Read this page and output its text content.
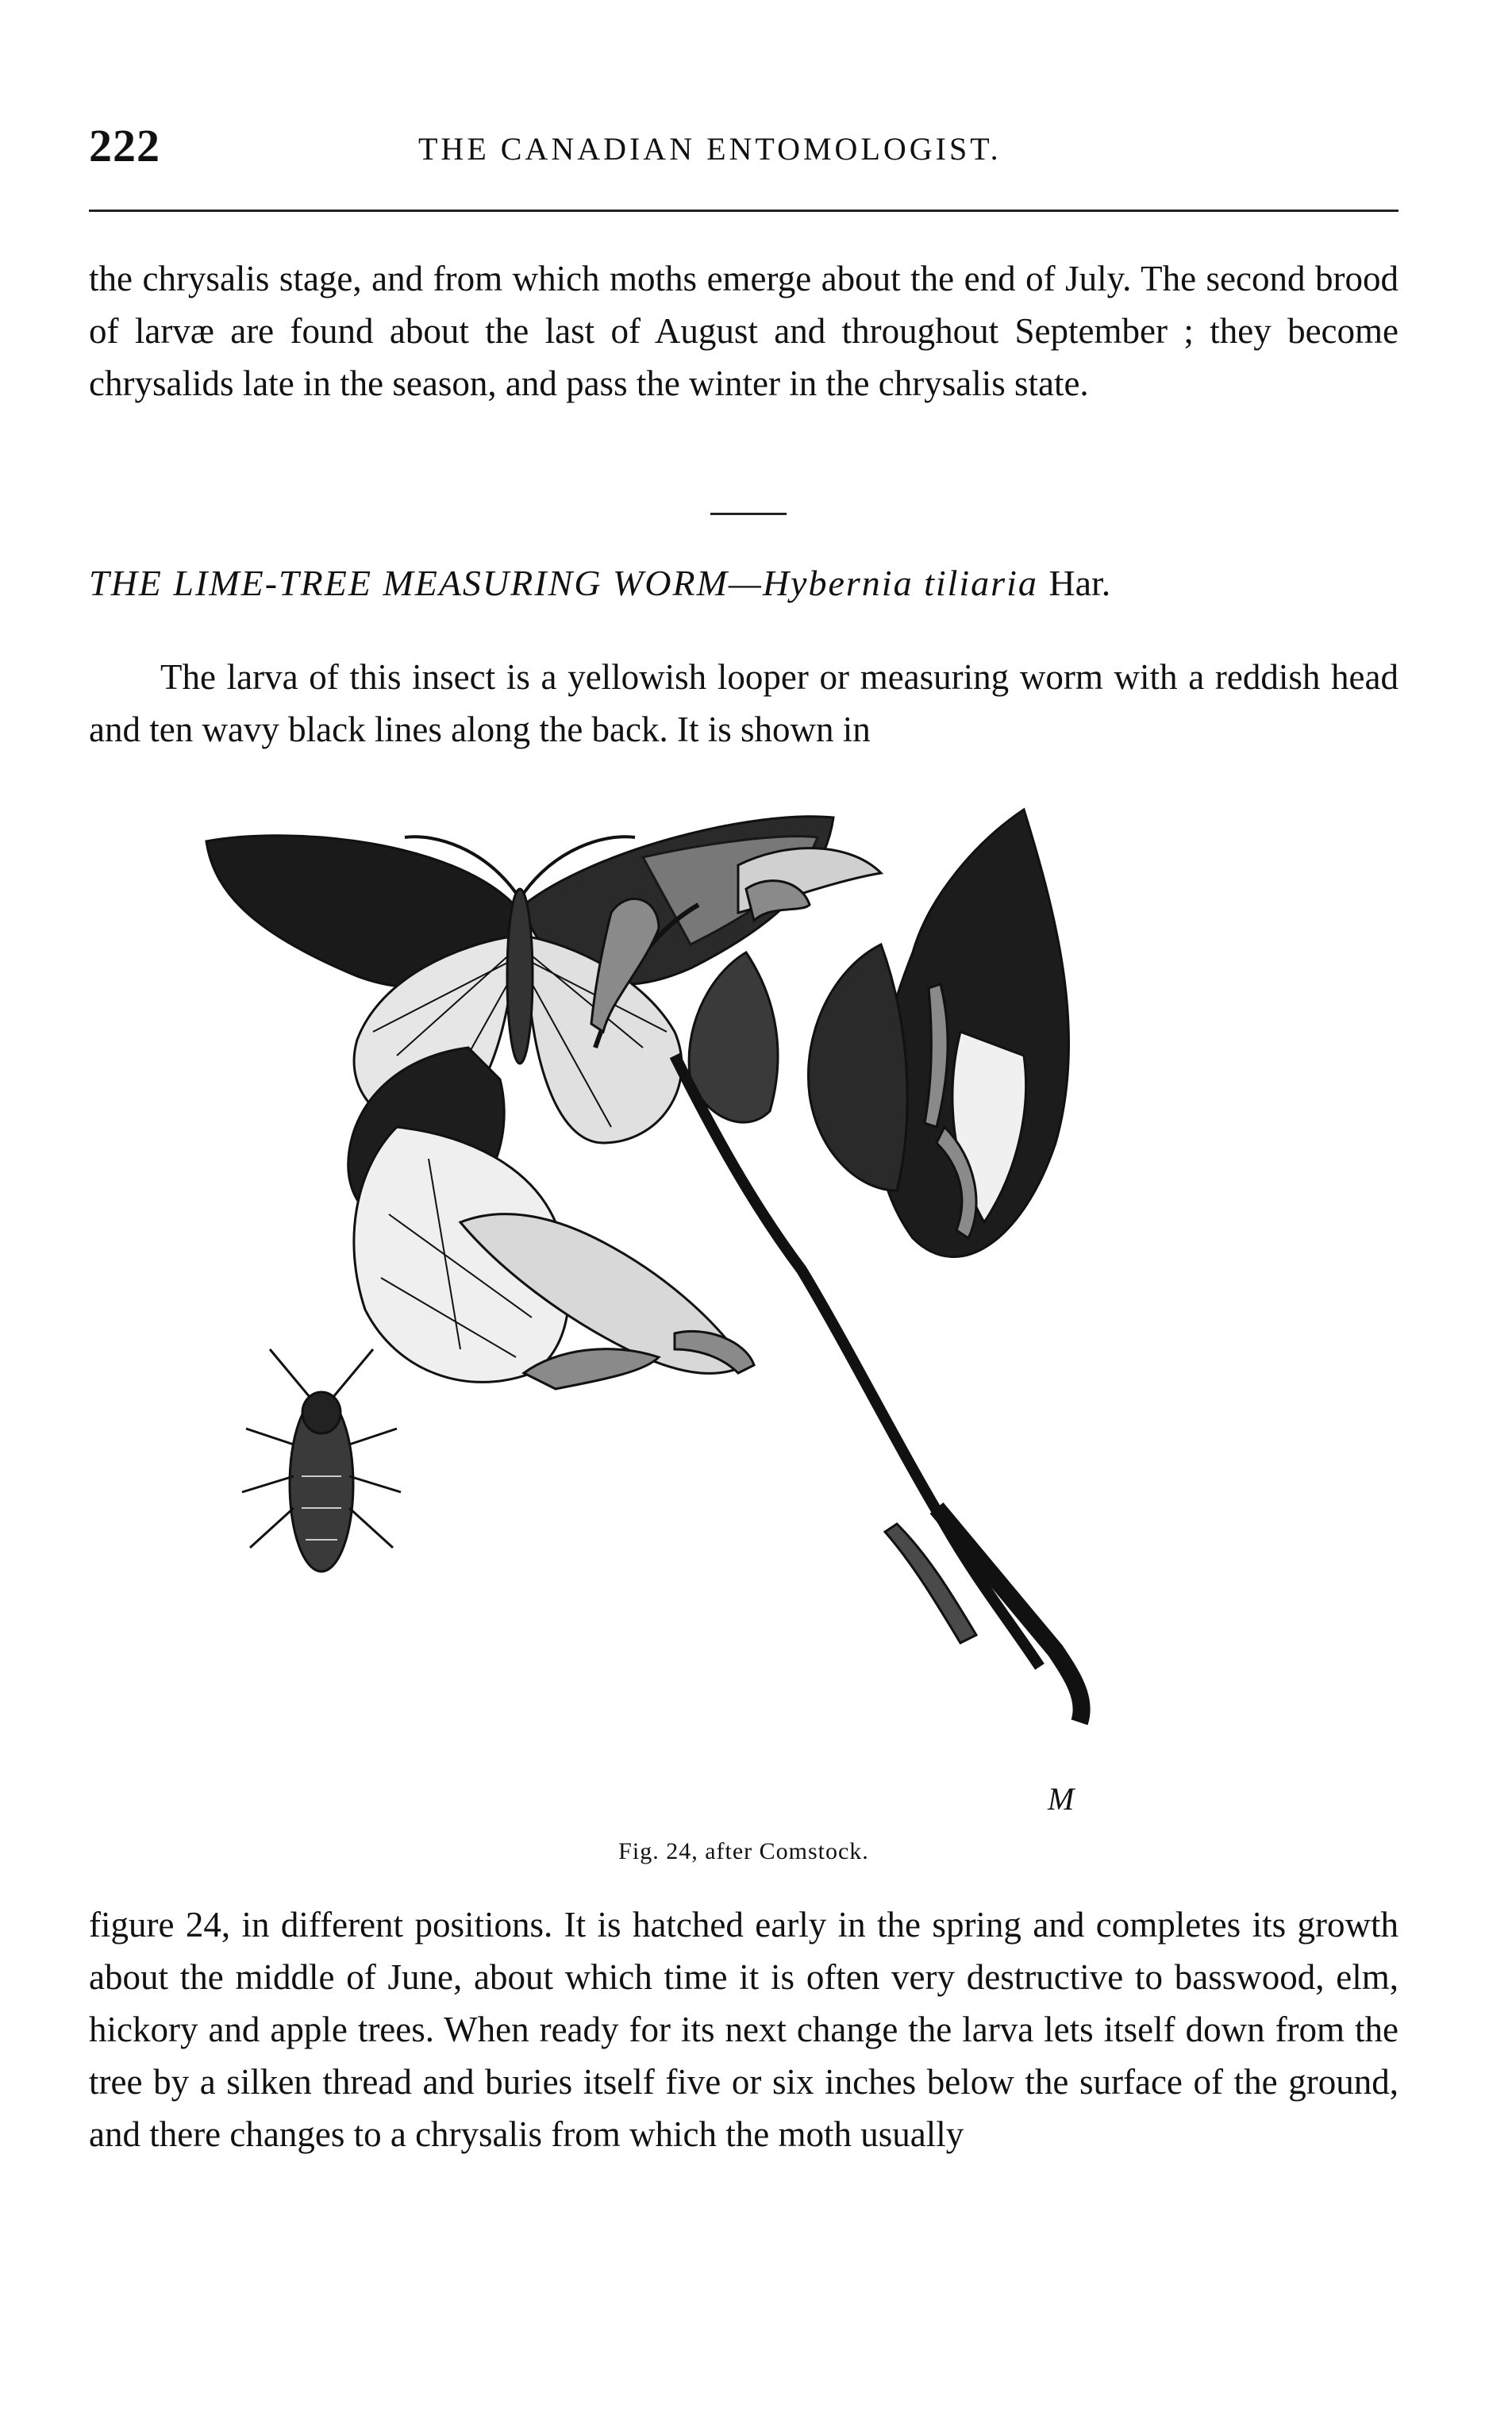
222	THE CANADIAN ENTOMOLOGIST.

the chrysalis stage, and from which moths emerge about the end of July. The second brood of larvæ are found about the last of August and throughout September ; they become chrysalids late in the season, and pass the winter in the chrysalis state.

THE LIME-TREE MEASURING WORM—Hybernia tiliaria Har.

The larva of this insect is a yellowish looper or measuring worm with a reddish head and ten wavy black lines along the back. It is shown in

M
Fig. 24, after Comstock.

figure 24, in different positions. It is hatched early in the spring and completes its growth about the middle of June, about which time it is often very destructive to basswood, elm, hickory and apple trees. When ready for its next change the larva lets itself down from the tree by a silken thread and buries itself five or six inches below the surface of the ground, and there changes to a chrysalis from which the moth usually
